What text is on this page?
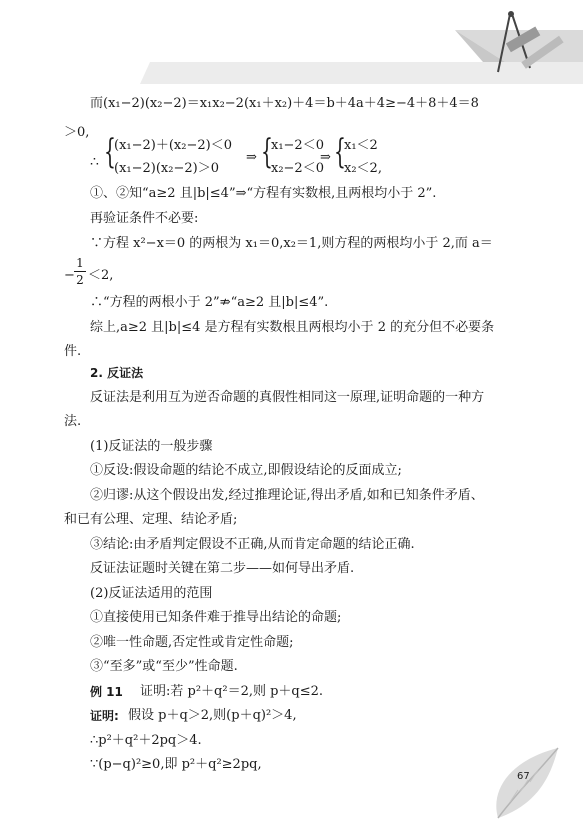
而(x₁−2)(x₂−2)＝x₁x₂−2(x₁＋x₂)＋4＝b＋4a＋4≥−4＋8＋4＝8
＞0,
∴ {
(x₁−2)＋(x₂−2)＜0
(x₁−2)(x₂−2)＞0
⇒ {
x₁−2＜0
x₂−2＜0
⇒ {
x₁＜2
x₂＜2,
①、②知“a≥2 且|b|≤4”⇒“方程有实数根,且两根均小于 2”.
再验证条件不必要:
∵方程 x²−x＝0 的两根为 x₁＝0,x₂＝1,则方程的两根均小于 2,而 a＝
−
1
2 ＜2,
∴“方程的两根小于 2”⇏“a≥2 且|b|≤4”.
综上,a≥2 且|b|≤4 是方程有实数根且两根均小于 2 的充分但不必要条
件.
2. 反证法
反证法是利用互为逆否命题的真假性相同这一原理,证明命题的一种方
法.
(1)反证法的一般步骤
①反设:假设命题的结论不成立,即假设结论的反面成立;
②归谬:从这个假设出发,经过推理论证,得出矛盾,如和已知条件矛盾、
和已有公理、定理、结论矛盾;
③结论:由矛盾判定假设不正确,从而肯定命题的结论正确.
反证法证题时关键在第二步——如何导出矛盾.
(2)反证法适用的范围
①直接使用已知条件难于推导出结论的命题;
②唯一性命题,否定性或肯定性命题;
③“至多”或“至少”性命题.
例 11 证明:若 p²＋q²＝2,则 p＋q≤2.
证明: 假设 p＋q＞2,则(p＋q)²＞4,
∴p²＋q²＋2pq＞4.
∵(p−q)²≥0,即 p²＋q²≥2pq,
67
